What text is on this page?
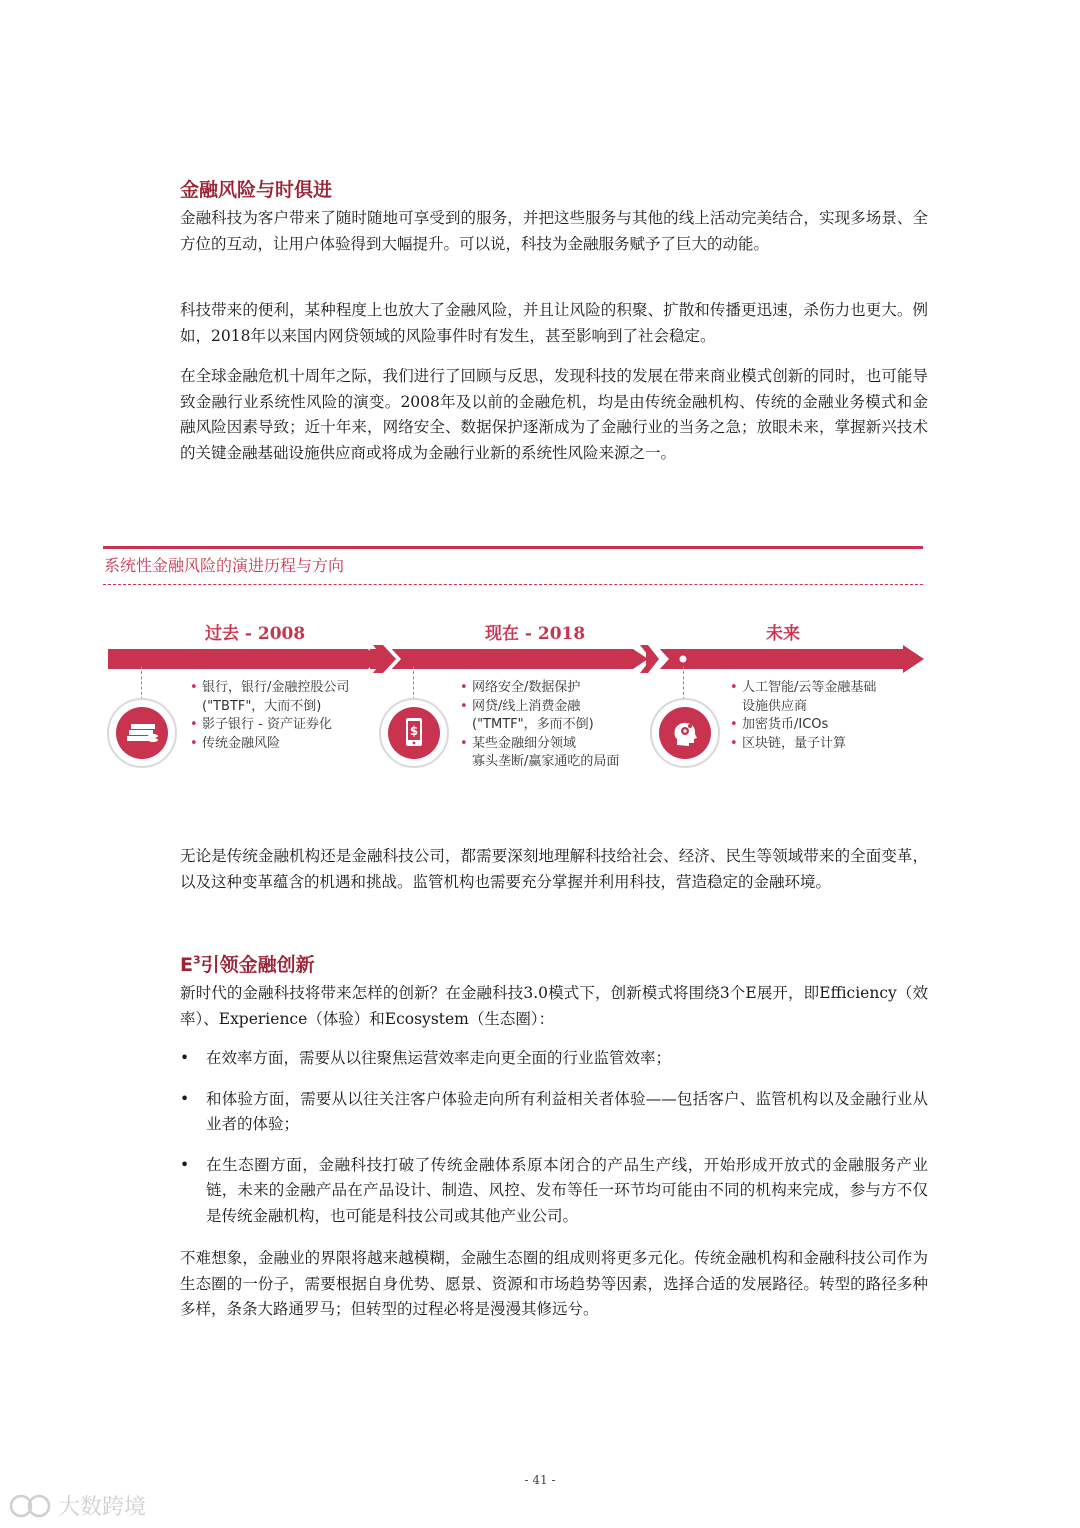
金融风险与时俱进

金融科技为客户带来了随时随地可享受到的服务，并把这些服务与其他的线上活动完美结合，实现多场景、全方位的互动，让用户体验得到大幅提升。可以说，科技为金融服务赋予了巨大的动能。

科技带来的便利，某种程度上也放大了金融风险，并且让风险的积聚、扩散和传播更迅速，杀伤力也更大。例如，2018年以来国内网贷领域的风险事件时有发生，甚至影响到了社会稳定。

在全球金融危机十周年之际，我们进行了回顾与反思，发现科技的发展在带来商业模式创新的同时，也可能导致金融行业系统性风险的演变。2008年及以前的金融危机，均是由传统金融机构、传统的金融业务模式和金融风险因素导致；近十年来，网络安全、数据保护逐渐成为了金融行业的当务之急；放眼未来，掌握新兴技术的关键金融基础设施供应商或将成为金融行业新的系统性风险来源之一。

系统性金融风险的演进历程与方向
过去 - 2008	现在 - 2018	未来
$
• 银行，银行/金融控股公司
("TBTF"，大而不倒)
• 影子银行 - 资产证券化
• 传统金融风险
• 网络安全/数据保护
• 网贷/线上消费金融
("TMTF"，多而不倒)
• 某些金融细分领域
寡头垄断/赢家通吃的局面
• 人工智能/云等金融基础
设施供应商
• 加密货币/ICOs
• 区块链，量子计算

无论是传统金融机构还是金融科技公司，都需要深刻地理解科技给社会、经济、民生等领域带来的全面变革，以及这种变革蕴含的机遇和挑战。监管机构也需要充分掌握并利用科技，营造稳定的金融环境。

$E^3$引领金融创新

新时代的金融科技将带来怎样的创新？在金融科技3.0模式下，创新模式将围绕3个E展开，即Efficiency（效率）、Experience（体验）和Ecosystem（生态圈）：

• 在效率方面，需要从以往聚焦运营效率走向更全面的行业监管效率；
• 和体验方面，需要从以往关注客户体验走向所有利益相关者体验——包括客户、监管机构以及金融行业从业者的体验；
• 在生态圈方面，金融科技打破了传统金融体系原本闭合的产品生产线，开始形成开放式的金融服务产业链，未来的金融产品在产品设计、制造、风控、发布等任一环节均可能由不同的机构来完成，参与方不仅是传统金融机构，也可能是科技公司或其他产业公司。

不难想象，金融业的界限将越来越模糊，金融生态圈的组成则将更多元化。传统金融机构和金融科技公司作为生态圈的一份子，需要根据自身优势、愿景、资源和市场趋势等因素，选择合适的发展路径。转型的路径多种多样，条条大路通罗马；但转型的过程必将是漫漫其修远兮。

- 41 -
大数跨境
